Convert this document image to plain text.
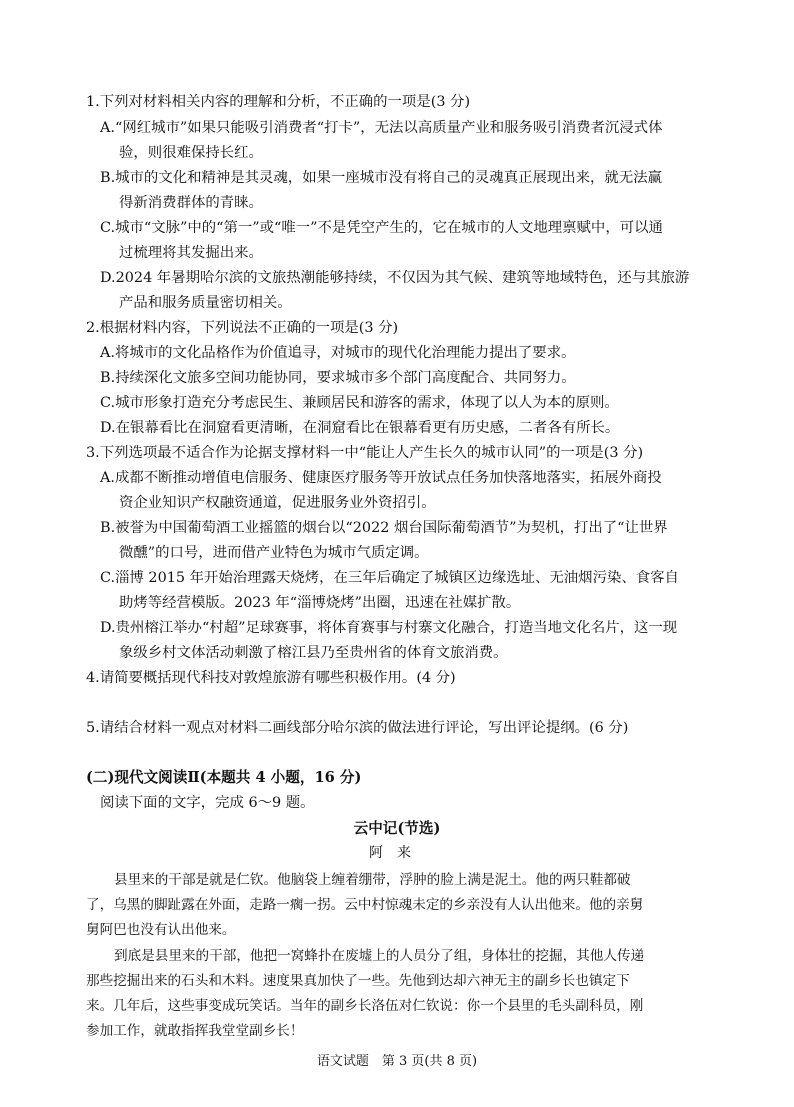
1.下列对材料相关内容的理解和分析，不正确的一项是(3 分)
A.“网红城市”如果只能吸引消费者“打卡”，无法以高质量产业和服务吸引消费者沉浸式体
验，则很难保持长红。
B.城市的文化和精神是其灵魂，如果一座城市没有将自己的灵魂真正展现出来，就无法赢
得新消费群体的青睐。
C.城市“文脉”中的“第一”或“唯一”不是凭空产生的，它在城市的人文地理禀赋中，可以通
过梳理将其发掘出来。
D.2024 年暑期哈尔滨的文旅热潮能够持续，不仅因为其气候、建筑等地域特色，还与其旅游
产品和服务质量密切相关。
2.根据材料内容，下列说法不正确的一项是(3 分)
A.将城市的文化品格作为价值追寻，对城市的现代化治理能力提出了要求。
B.持续深化文旅多空间功能协同，要求城市多个部门高度配合、共同努力。
C.城市形象打造充分考虑民生、兼顾居民和游客的需求，体现了以人为本的原则。
D.在银幕看比在洞窟看更清晰，在洞窟看比在银幕看更有历史感，二者各有所长。
3.下列选项最不适合作为论据支撑材料一中“能让人产生长久的城市认同”的一项是(3 分)
A.成都不断推动增值电信服务、健康医疗服务等开放试点任务加快落地落实，拓展外商投
资企业知识产权融资通道，促进服务业外资招引。
B.被誉为中国葡萄酒工业摇篮的烟台以“2022 烟台国际葡萄酒节”为契机，打出了“让世界
微醺”的口号，进而借产业特色为城市气质定调。
C.淄博 2015 年开始治理露天烧烤，在三年后确定了城镇区边缘选址、无油烟污染、食客自
助烤等经营模版。2023 年“淄博烧烤”出圈，迅速在社媒扩散。
D.贵州榕江举办“村超”足球赛事，将体育赛事与村寨文化融合，打造当地文化名片，这一现
象级乡村文体活动刺激了榕江县乃至贵州省的体育文旅消费。
4.请简要概括现代科技对敦煌旅游有哪些积极作用。(4 分)
5.请结合材料一观点对材料二画线部分哈尔滨的做法进行评论，写出评论提纲。(6 分)
(二)现代文阅读Ⅱ(本题共 4 小题，16 分)
阅读下面的文字，完成 6～9 题。
云中记(节选)
阿来
县里来的干部是就是仁钦。他脑袋上缠着绷带，浮肿的脸上满是泥土。他的两只鞋都破
了，乌黑的脚趾露在外面，走路一瘸一拐。云中村惊魂未定的乡亲没有人认出他来。他的亲舅
舅阿巴也没有认出他来。
到底是县里来的干部，他把一窝蜂扑在废墟上的人员分了组，身体壮的挖掘，其他人传递
那些挖掘出来的石头和木料。速度果真加快了一些。先他到达却六神无主的副乡长也镇定下
来。几年后，这些事变成玩笑话。当年的副乡长洛伍对仁钦说：你一个县里的毛头副科员，刚
参加工作，就敢指挥我堂堂副乡长！
语文试题　第 3 页(共 8 页)
